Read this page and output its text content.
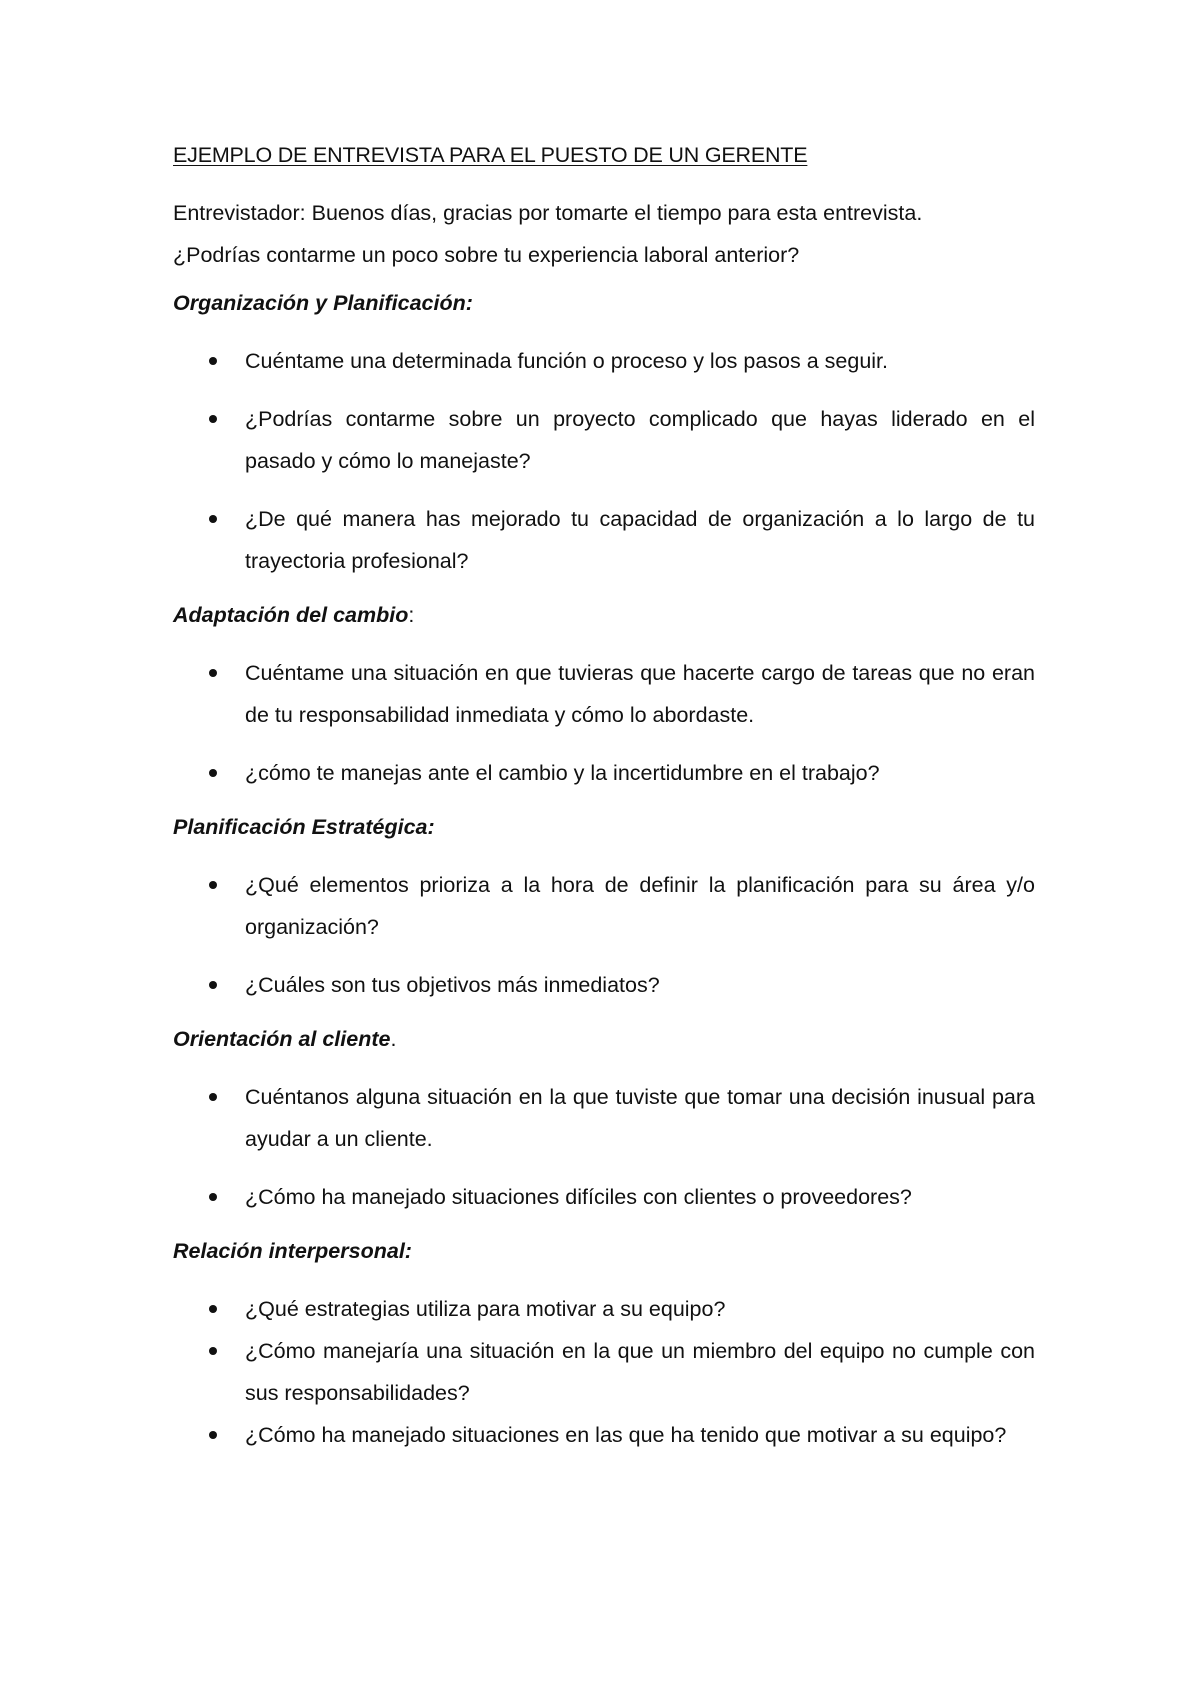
EJEMPLO DE ENTREVISTA PARA EL PUESTO DE UN GERENTE

Entrevistador: Buenos días, gracias por tomarte el tiempo para esta entrevista.
¿Podrías contarme un poco sobre tu experiencia laboral anterior?

Organización y Planificación:
Cuéntame una determinada función o proceso y los pasos a seguir.
¿Podrías contarme sobre un proyecto complicado que hayas liderado en el pasado y cómo lo manejaste?
¿De qué manera has mejorado tu capacidad de organización a lo largo de tu trayectoria profesional?
Adaptación del cambio:
Cuéntame una situación en que tuvieras que hacerte cargo de tareas que no eran de tu responsabilidad inmediata y cómo lo abordaste.
¿cómo te manejas ante el cambio y la incertidumbre en el trabajo?
Planificación Estratégica:
¿Qué elementos prioriza a la hora de definir la planificación para su área y/o organización?
¿Cuáles son tus objetivos más inmediatos?
Orientación al cliente.
Cuéntanos alguna situación en la que tuviste que tomar una decisión inusual para ayudar a un cliente.
¿Cómo ha manejado situaciones difíciles con clientes o proveedores?
Relación interpersonal:
¿Qué estrategias utiliza para motivar a su equipo?
¿Cómo manejaría una situación en la que un miembro del equipo no cumple con sus responsabilidades?
¿Cómo ha manejado situaciones en las que ha tenido que motivar a su equipo?
